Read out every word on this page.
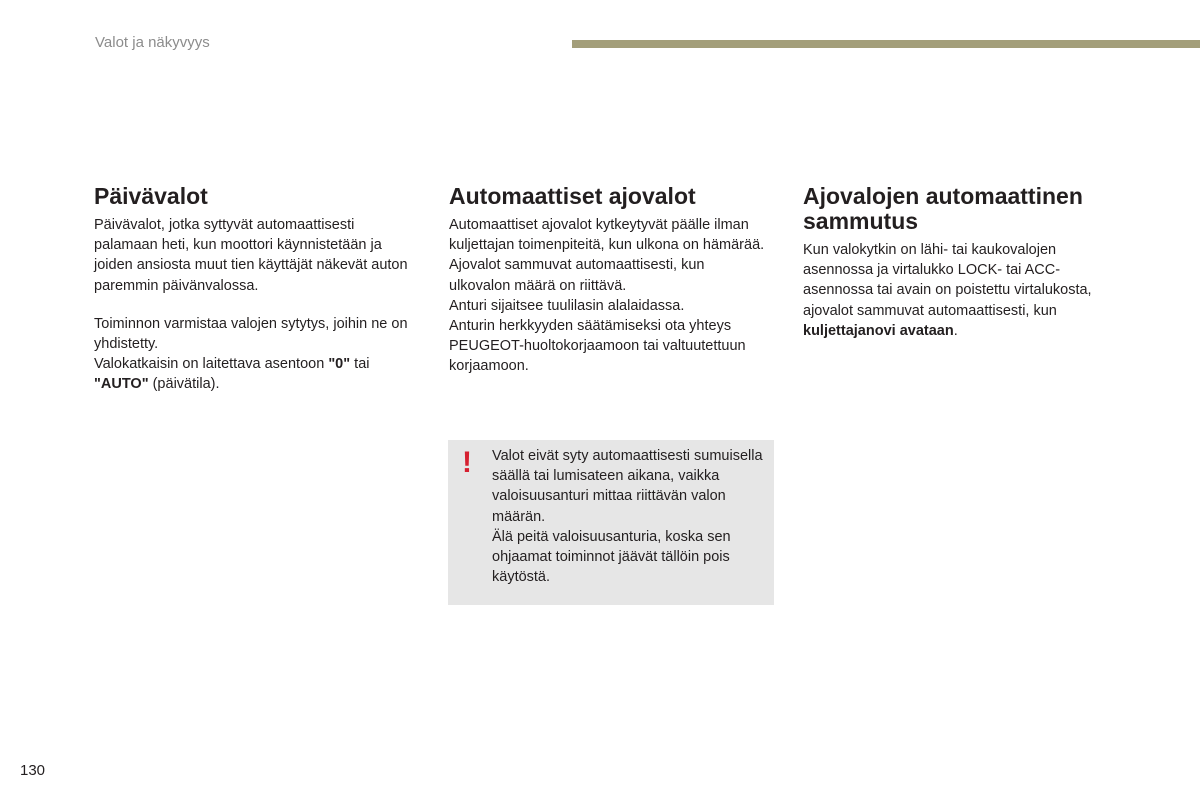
Valot ja näkyvyys
Päivävalot

Päivävalot, jotka syttyvät automaattisesti palamaan heti, kun moottori käynnistetään ja joiden ansiosta muut tien käyttäjät näkevät auton paremmin päivänvalossa.

Toiminnon varmistaa valojen sytytys, joihin ne on yhdistetty.
Valokatkaisin on laitettava asentoon "0" tai "AUTO" (päivätila).

Automaattiset ajovalot

Automaattiset ajovalot kytkeytyvät päälle ilman kuljettajan toimenpiteitä, kun ulkona on hämärää.

Ajovalot sammuvat automaattisesti, kun ulkovalon määrä on riittävä.

Anturi sijaitsee tuulilasin alalaidassa.

Anturin herkkyyden säätämiseksi ota yhteys PEUGEOT-huoltokorjaamoon tai valtuutettuun korjaamoon.

Ajovalojen automaattinen sammutus

Kun valokytkin on lähi- tai kaukovalojen asennossa ja virtalukko LOCK- tai ACC-asennossa tai avain on poistettu virtalukosta, ajovalot sammuvat automaattisesti, kun kuljettajanovi avataan.

! Valot eivät syty automaattisesti sumuisella säällä tai lumisateen aikana, vaikka valoisuusanturi mittaa riittävän valon määrän.

Älä peitä valoisuusanturia, koska sen ohjaamat toiminnot jäävät tällöin pois käytöstä.

130
